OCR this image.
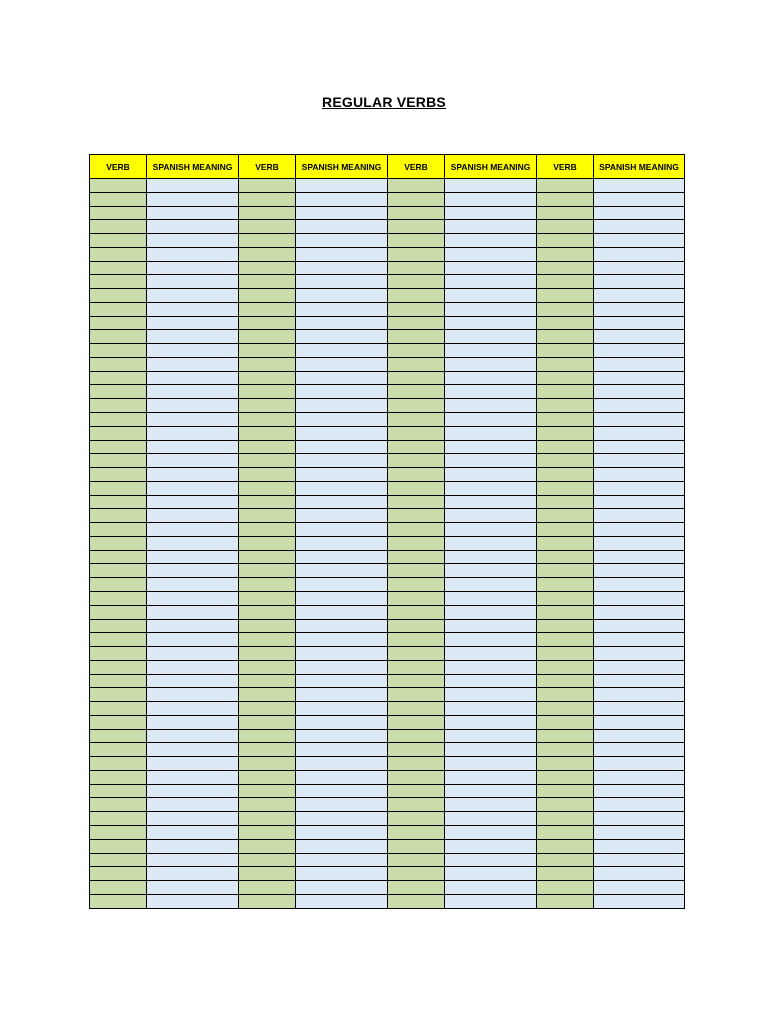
REGULAR VERBS
VERB	SPANISH MEANING	VERB	SPANISH MEANING	VERB	SPANISH MEANING	VERB	SPANISH MEANING
